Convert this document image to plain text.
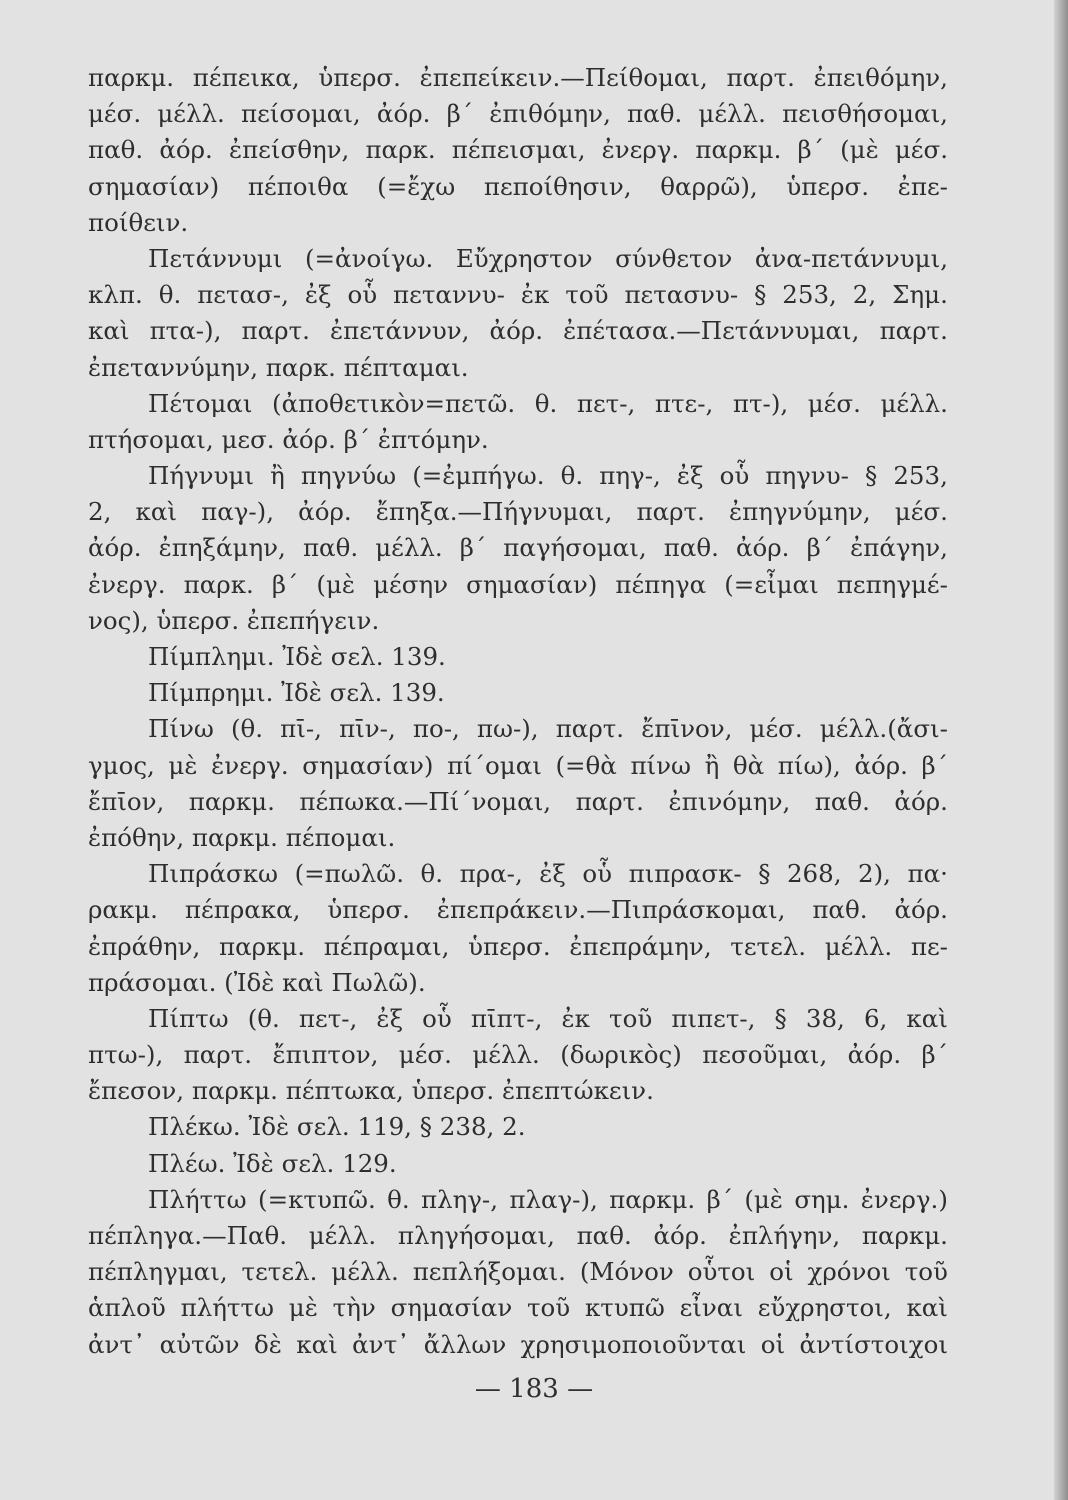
παρκμ. πέπεικα, ὑπερσ. ἐπεπείκειν.—Πείθομαι, παρτ. ἐπειθόμην,
μέσ. μέλλ. πείσομαι, ἀόρ. β΄ ἐπιθόμην, παθ. μέλλ. πεισθήσομαι,
παθ. ἀόρ. ἐπείσθην, παρκ. πέπεισμαι, ἐνεργ. παρκμ. β΄ (μὲ μέσ.
σημασίαν) πέποιθα (=ἔχω πεποίθησιν, θαρρῶ), ὑπερσ. ἐπε-
ποίθειν.
Πετάννυμι (=ἀνοίγω. Εὔχρηστον σύνθετον ἀνα-πετάννυμι,
κλπ. θ. πετασ-, ἐξ οὗ πεταννυ- ἐκ τοῦ πετασνυ- § 253, 2, Σημ.
καὶ πτα-), παρτ. ἐπετάννυν, ἀόρ. ἐπέτασα.—Πετάννυμαι, παρτ.
ἐπεταννύμην, παρκ. πέπταμαι.
Πέτομαι (ἀποθετικὸν=πετῶ. θ. πετ-, πτε-, πτ-), μέσ. μέλλ.
πτήσομαι, μεσ. ἀόρ. β΄ ἐπτόμην.
Πήγνυμι ἢ πηγνύω (=ἐμπήγω. θ. πηγ-, ἐξ οὗ πηγνυ- § 253,
2, καὶ παγ-), ἀόρ. ἔπηξα.—Πήγνυμαι, παρτ. ἐπηγνύμην, μέσ.
ἀόρ. ἐπηξάμην, παθ. μέλλ. β΄ παγήσομαι, παθ. ἀόρ. β΄ ἐπάγην,
ἐνεργ. παρκ. β΄ (μὲ μέσην σημασίαν) πέπηγα (=εἶμαι πεπηγμέ-
νος), ὑπερσ. ἐπεπήγειν.
Πίμπλημι. Ἰδὲ σελ. 139.
Πίμπρημι. Ἰδὲ σελ. 139.
Πίνω (θ. πῑ-, πῑν-, πο-, πω-), παρτ. ἔπῑνον, μέσ. μέλλ.(ἄσι-
γμος, μὲ ἐνεργ. σημασίαν) πί΄ομαι (=θὰ πίνω ἢ θὰ πίω), ἀόρ. β΄
ἔπῑον, παρκμ. πέπωκα.—Πί΄νομαι, παρτ. ἐπινόμην, παθ. ἀόρ.
ἐπόθην, παρκμ. πέπομαι.
Πιπράσκω (=πωλῶ. θ. πρα-, ἐξ οὗ πιπρασκ- § 268, 2), πα·
ρακμ. πέπρακα, ὑπερσ. ἐπεπράκειν.—Πιπράσκομαι, παθ. ἀόρ.
ἐπράθην, παρκμ. πέπραμαι, ὑπερσ. ἐπεπράμην, τετελ. μέλλ. πε-
πράσομαι. (Ἰδὲ καὶ Πωλῶ).
Πίπτω (θ. πετ-, ἐξ οὗ πῑπτ-, ἐκ τοῦ πιπετ-, § 38, 6, καὶ
πτω-), παρτ. ἔπιπτον, μέσ. μέλλ. (δωρικὸς) πεσοῦμαι, ἀόρ. β΄
ἔπεσον, παρκμ. πέπτωκα, ὑπερσ. ἐπεπτώκειν.
Πλέκω. Ἰδὲ σελ. 119, § 238, 2.
Πλέω. Ἰδὲ σελ. 129.
Πλήττω (=κτυπῶ. θ. πληγ-, πλαγ-), παρκμ. β΄ (μὲ σημ. ἐνεργ.)
πέπληγα.—Παθ. μέλλ. πληγήσομαι, παθ. ἀόρ. ἐπλήγην, παρκμ.
πέπληγμαι, τετελ. μέλλ. πεπλήξομαι. (Μόνον οὗτοι οἱ χρόνοι τοῦ
ἁπλοῦ πλήττω μὲ τὴν σημασίαν τοῦ κτυπῶ εἶναι εὔχρηστοι, καὶ
ἀντ᾽ αὐτῶν δὲ καὶ ἀντ᾽ ἄλλων χρησιμοποιοῦνται οἱ ἀντίστοιχοι
— 183 —
